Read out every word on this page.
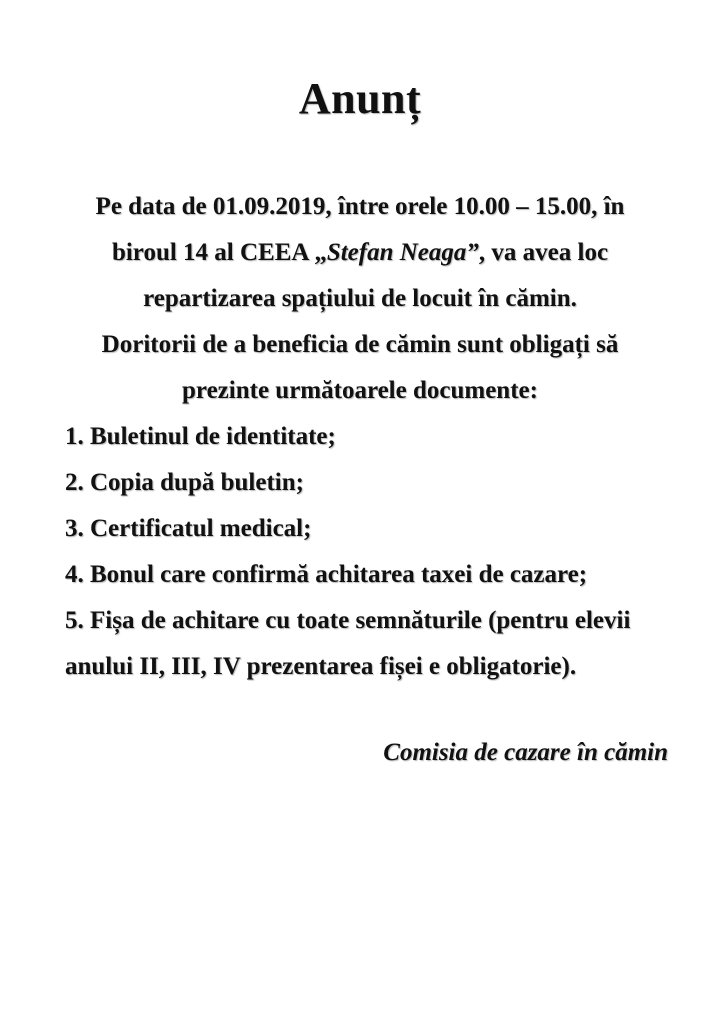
Anunț
Pe data de 01.09.2019, între orele 10.00 – 15.00, în
biroul 14 al CEEA „Stefan Neaga”, va avea loc
repartizarea spațiului de locuit în cămin.
Doritorii de a beneficia de cămin sunt obligați să
prezinte următoarele documente:
1. Buletinul de identitate;
2. Copia după buletin;
3. Certificatul medical;
4. Bonul care confirmă achitarea taxei de cazare;
5. Fișa de achitare cu toate semnăturile (pentru elevii
anului II, III, IV prezentarea fișei e obligatorie).
Comisia de cazare în cămin
